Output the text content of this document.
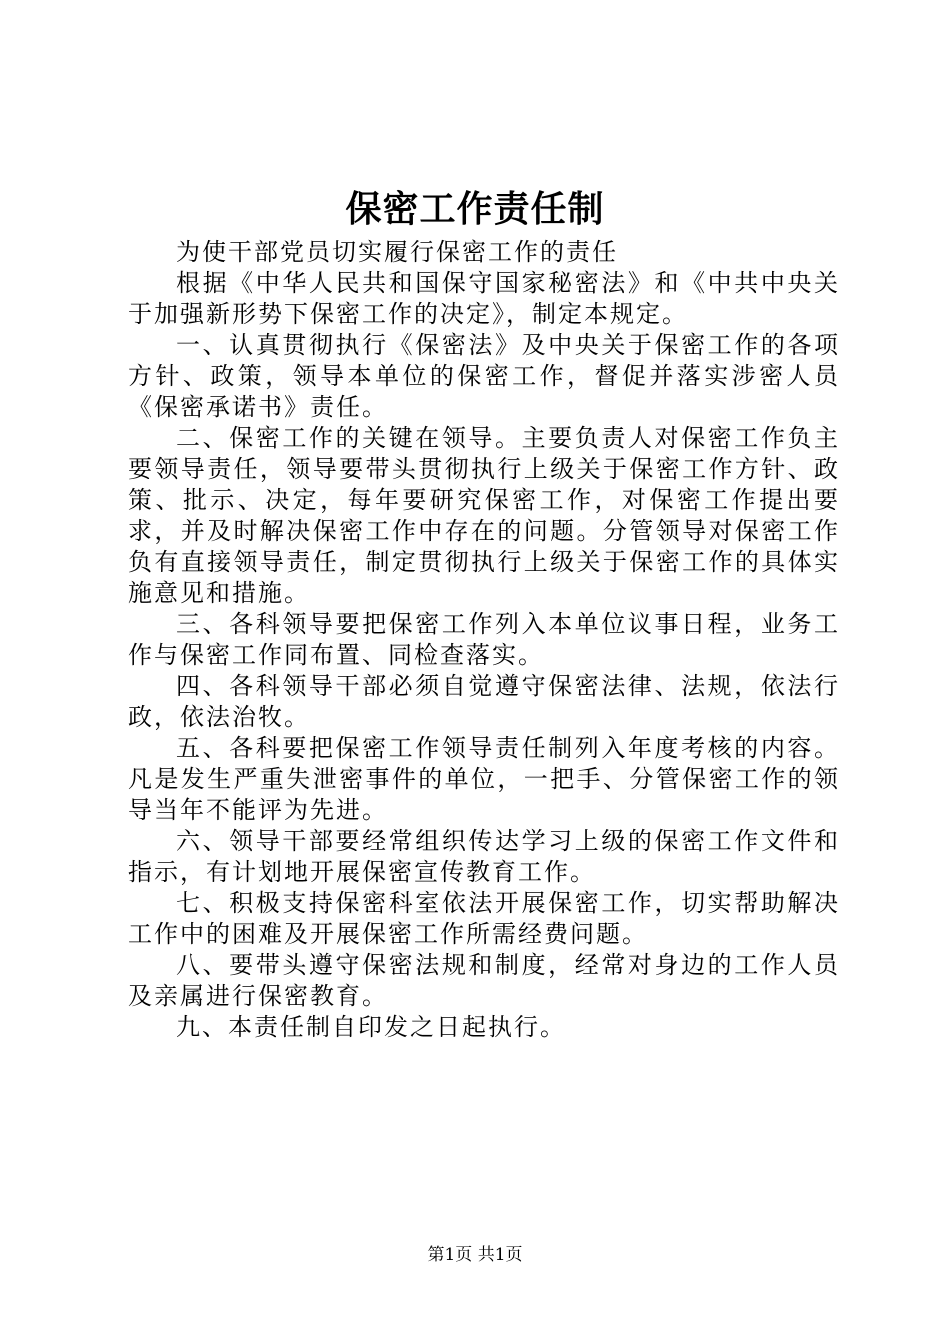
保密工作责任制

为使干部党员切实履行保密工作的责任

根据《中华人民共和国保守国家秘密法》和《中共中央关于加强新形势下保密工作的决定》，制定本规定。

一、认真贯彻执行《保密法》及中央关于保密工作的各项方针、政策，领导本单位的保密工作，督促并落实涉密人员《保密承诺书》责任。

二、保密工作的关键在领导。主要负责人对保密工作负主要领导责任，领导要带头贯彻执行上级关于保密工作方针、政策、批示、决定，每年要研究保密工作，对保密工作提出要求，并及时解决保密工作中存在的问题。分管领导对保密工作负有直接领导责任，制定贯彻执行上级关于保密工作的具体实施意见和措施。

三、各科领导要把保密工作列入本单位议事日程，业务工作与保密工作同布置、同检查落实。

四、各科领导干部必须自觉遵守保密法律、法规，依法行政，依法治牧。

五、各科要把保密工作领导责任制列入年度考核的内容。凡是发生严重失泄密事件的单位，一把手、分管保密工作的领导当年不能评为先进。

六、领导干部要经常组织传达学习上级的保密工作文件和指示，有计划地开展保密宣传教育工作。

七、积极支持保密科室依法开展保密工作，切实帮助解决工作中的困难及开展保密工作所需经费问题。

八、要带头遵守保密法规和制度，经常对身边的工作人员及亲属进行保密教育。

九、本责任制自印发之日起执行。

第1页 共1页
